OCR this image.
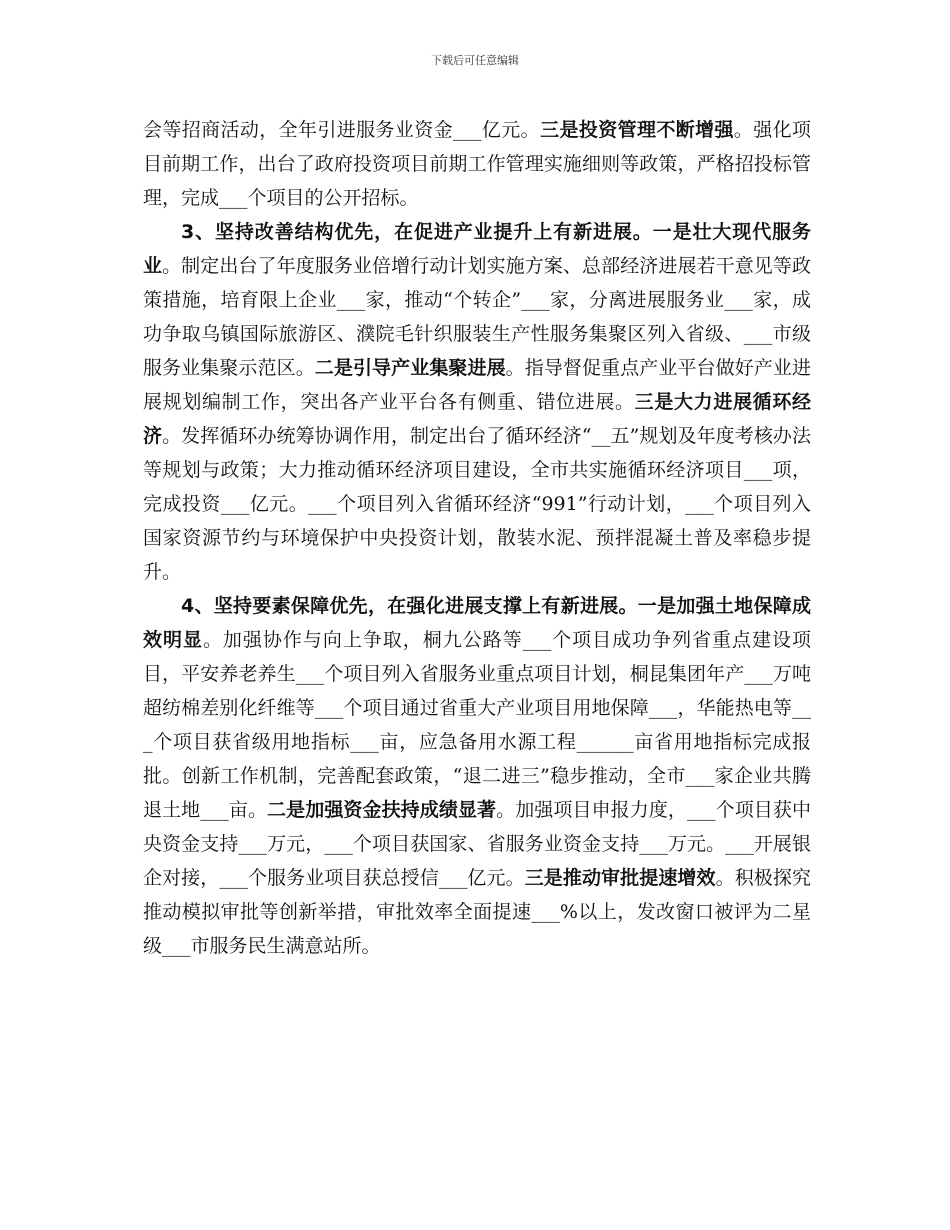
下载后可任意编辑

会等招商活动，全年引进服务业资金___亿元。三是投资管理不断增强。强化项目前期工作，出台了政府投资项目前期工作管理实施细则等政策，严格招投标管理，完成___个项目的公开招标。

3、坚持改善结构优先，在促进产业提升上有新进展。一是壮大现代服务业。制定出台了年度服务业倍增行动计划实施方案、总部经济进展若干意见等政策措施，培育限上企业___家，推动“个转企”___家，分离进展服务业___家，成功争取乌镇国际旅游区、濮院毛针织服装生产性服务集聚区列入省级、___市级服务业集聚示范区。二是引导产业集聚进展。指导督促重点产业平台做好产业进展规划编制工作，突出各产业平台各有侧重、错位进展。三是大力进展循环经济。发挥循环办统筹协调作用，制定出台了循环经济“__五”规划及年度考核办法等规划与政策；大力推动循环经济项目建设，全市共实施循环经济项目___项，完成投资___亿元。___个项目列入省循环经济“991”行动计划，___个项目列入国家资源节约与环境保护中央投资计划，散装水泥、预拌混凝土普及率稳步提升。

4、坚持要素保障优先，在强化进展支撑上有新进展。一是加强土地保障成效明显。加强协作与向上争取，桐九公路等___个项目成功争列省重点建设项目，平安养老养生___个项目列入省服务业重点项目计划，桐昆集团年产___万吨超纺棉差别化纤维等___个项目通过省重大产业项目用地保障___，华能热电等___个项目获省级用地指标___亩，应急备用水源工程______亩省用地指标完成报批。创新工作机制，完善配套政策，“退二进三”稳步推动，全市___家企业共腾退土地___亩。二是加强资金扶持成绩显著。加强项目申报力度，___个项目获中央资金支持___万元，___个项目获国家、省服务业资金支持___万元。___开展银企对接，___个服务业项目获总授信___亿元。三是推动审批提速增效。积极探究推动模拟审批等创新举措，审批效率全面提速___%以上，发改窗口被评为二星级___市服务民生满意站所。
